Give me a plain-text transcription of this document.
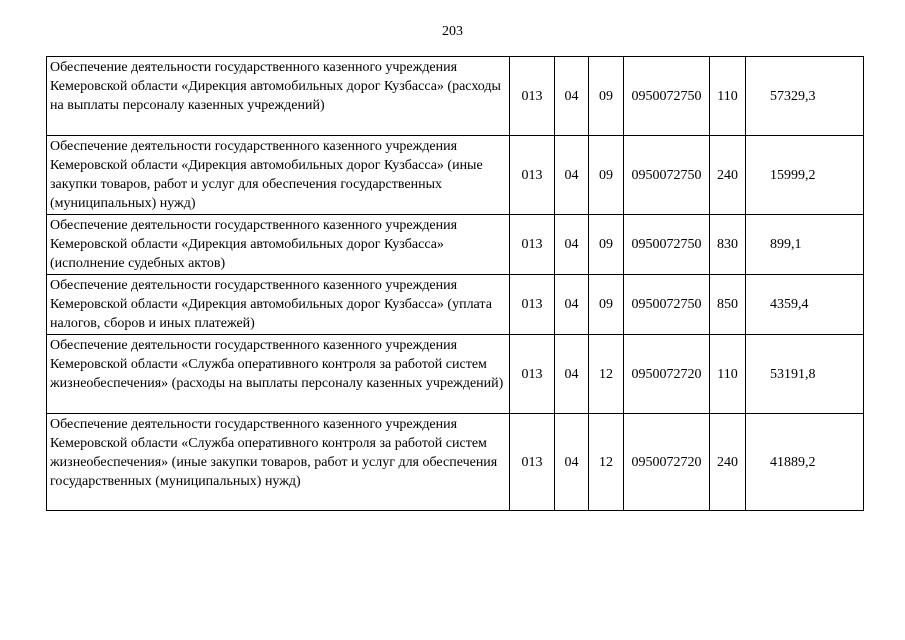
203
Обеспечение деятельности государственного казенного учреждения Кемеровской области «Дирекция автомобильных дорог Кузбасса» (расходы на выплаты персоналу казенных учреждений)	013	04	09	0950072750	110	57329,3
Обеспечение деятельности государственного казенного учреждения Кемеровской области «Дирекция автомобильных дорог Кузбасса» (иные закупки товаров, работ и услуг для обеспечения государственных (муниципальных) нужд)	013	04	09	0950072750	240	15999,2
Обеспечение деятельности государственного казенного учреждения Кемеровской области «Дирекция автомобильных дорог Кузбасса» (исполнение судебных актов)	013	04	09	0950072750	830	899,1
Обеспечение деятельности государственного казенного учреждения Кемеровской области «Дирекция автомобильных дорог Кузбасса» (уплата налогов, сборов и иных платежей)	013	04	09	0950072750	850	4359,4
Обеспечение деятельности государственного казенного учреждения Кемеровской области «Служба оперативного контроля за работой систем жизнеобеспечения» (расходы на выплаты персоналу казенных учреждений)	013	04	12	0950072720	110	53191,8
Обеспечение деятельности государственного казенного учреждения Кемеровской области «Служба оперативного контроля за работой систем жизнеобеспечения» (иные закупки товаров, работ и услуг для обеспечения государственных (муниципальных) нужд)	013	04	12	0950072720	240	41889,2
